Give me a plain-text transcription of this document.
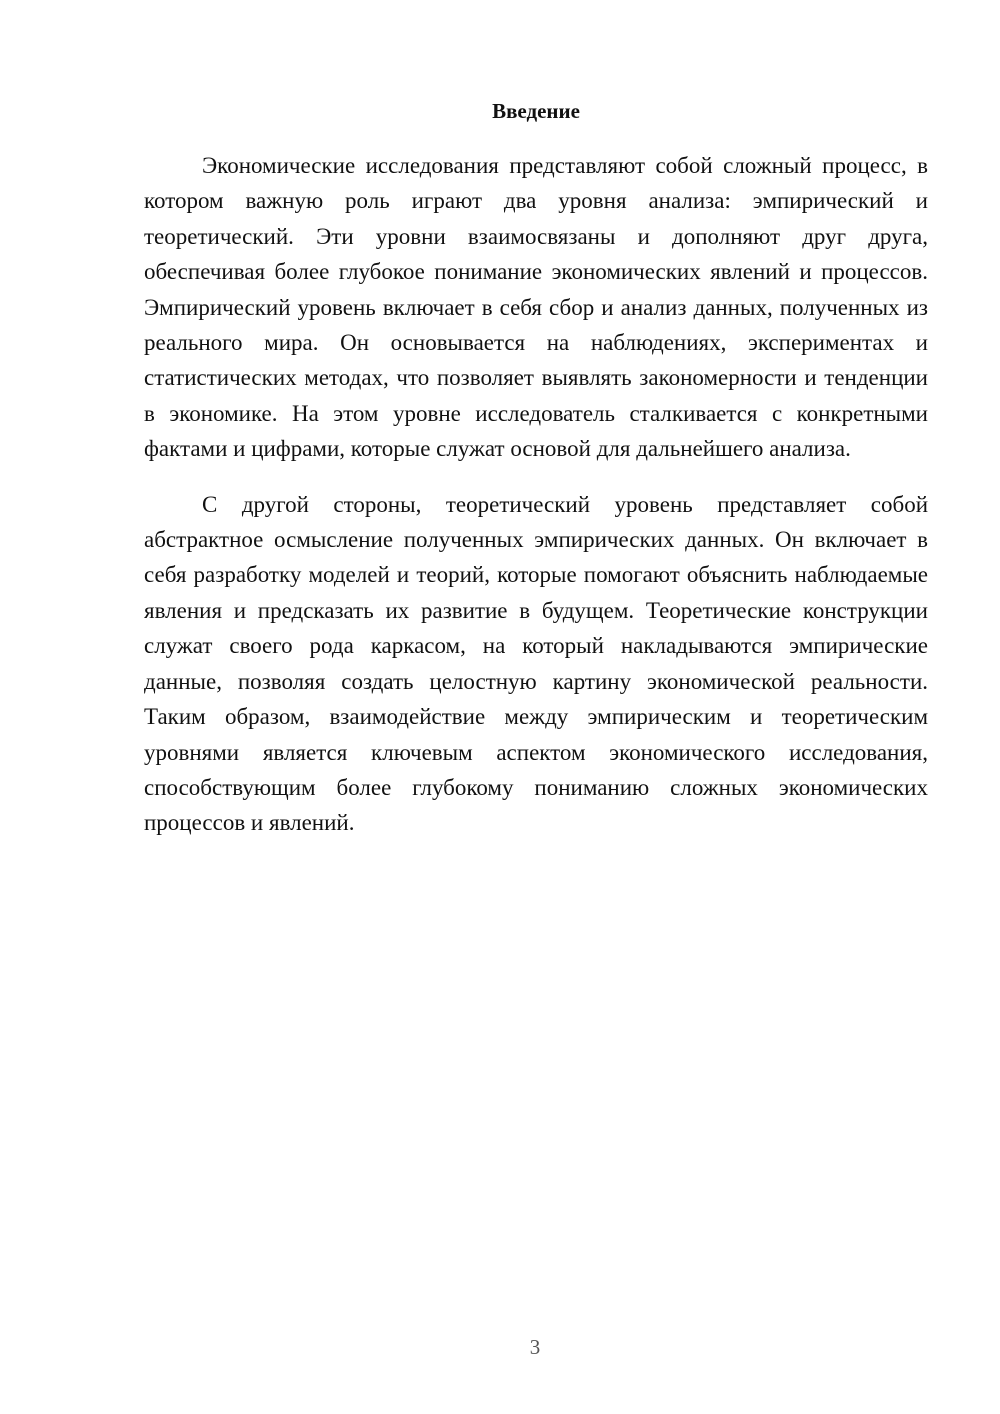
Введение

Экономические исследования представляют собой сложный процесс, в котором важную роль играют два уровня анализа: эмпирический и теоретический. Эти уровни взаимосвязаны и дополняют друг друга, обеспечивая более глубокое понимание экономических явлений и процессов. Эмпирический уровень включает в себя сбор и анализ данных, полученных из реального мира. Он основывается на наблюдениях, экспериментах и статистических методах, что позволяет выявлять закономерности и тенденции в экономике. На этом уровне исследователь сталкивается с конкретными фактами и цифрами, которые служат основой для дальнейшего анализа.

С другой стороны, теоретический уровень представляет собой абстрактное осмысление полученных эмпирических данных. Он включает в себя разработку моделей и теорий, которые помогают объяснить наблюдаемые явления и предсказать их развитие в будущем. Теоретические конструкции служат своего рода каркасом, на который накладываются эмпирические данные, позволяя создать целостную картину экономической реальности. Таким образом, взаимодействие между эмпирическим и теоретическим уровнями является ключевым аспектом экономического исследования, способствующим более глубокому пониманию сложных экономических процессов и явлений.

3
